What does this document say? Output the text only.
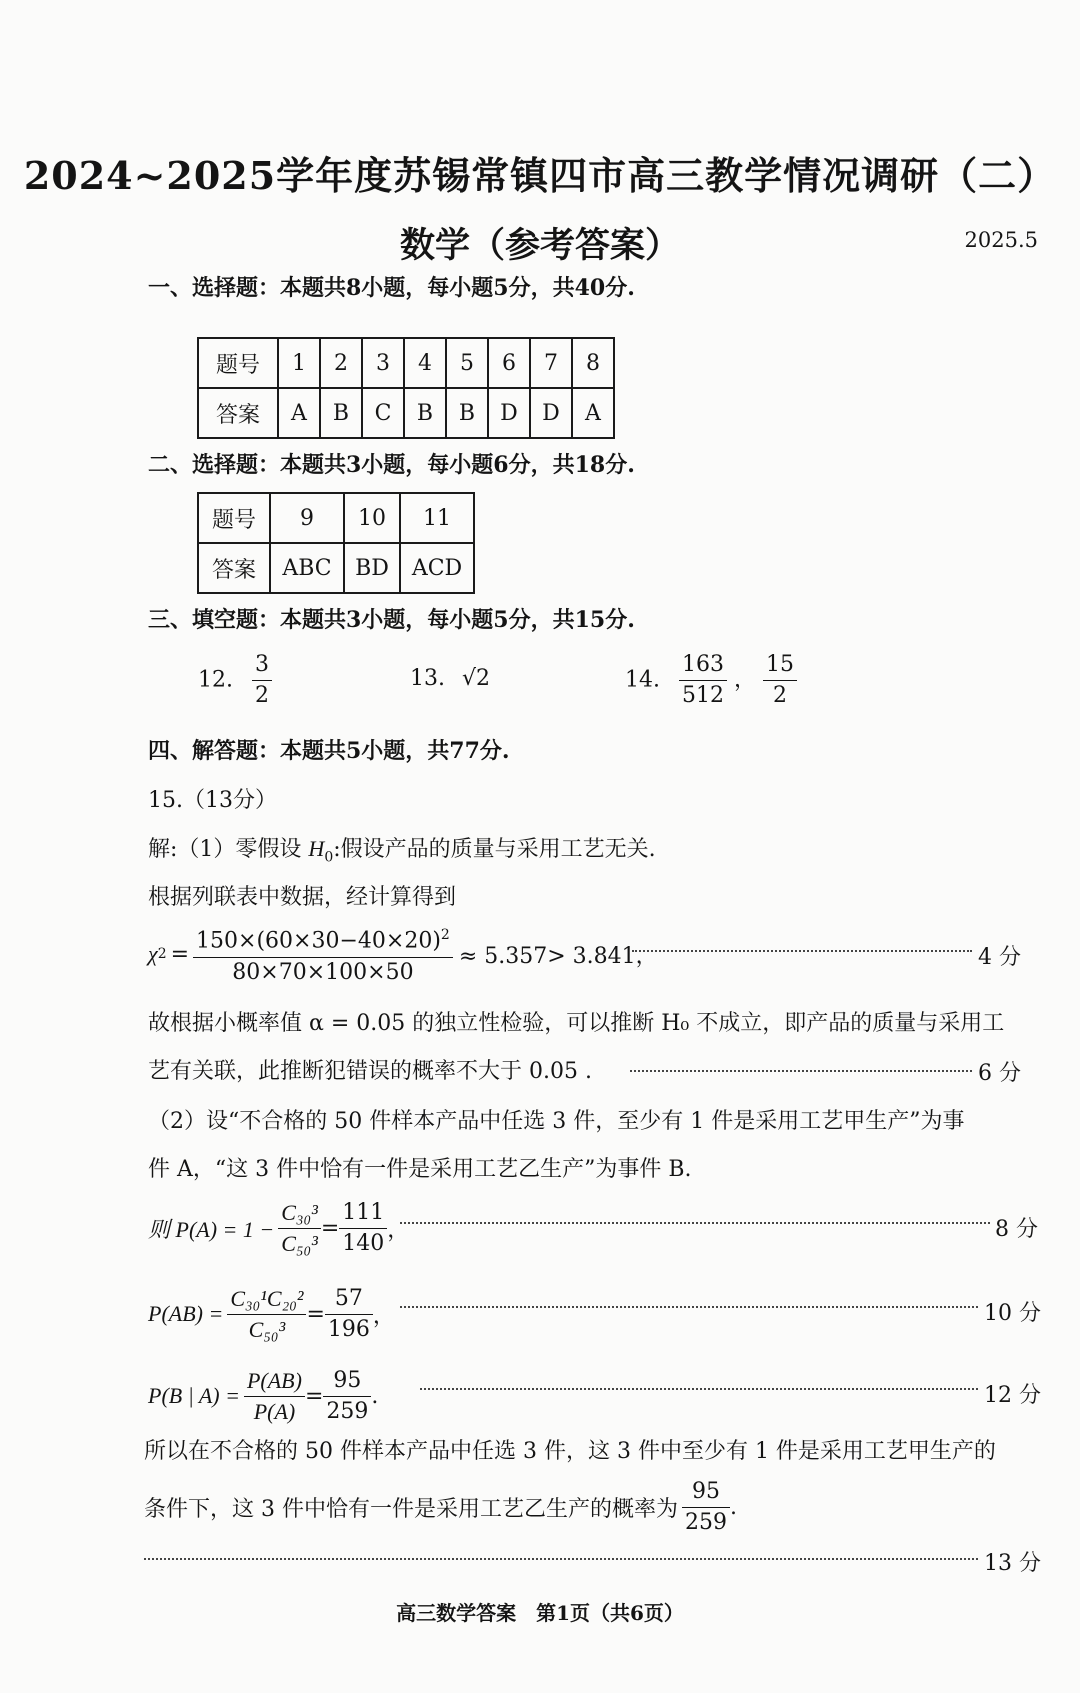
2024~2025学年度苏锡常镇四市高三教学情况调研（二）
数学（参考答案）	2025.5
一、选择题：本题共8小题，每小题5分，共40分.
题号	1	2	3	4	5	6	7	8
答案	A	B	C	B	B	D	D	A
二、选择题：本题共3小题，每小题6分，共18分.
题号	9	10	11
答案	ABC	BD	ACD
三、填空题：本题共3小题，每小题5分，共15分.
12. $\frac{3}{2}$	13. √2	14. $\frac{163}{512}$ ， $\frac{15}{2}$
四、解答题：本题共5小题，共77分.
15.（13分）
解:（1）零假设 $H_0$:假设产品的质量与采用工艺无关.
根据列联表中数据，经计算得到
χ $2 = \frac{150\times(60\times 30-40\times 20)^2}{80\times 70\times 100\times 50} \approx 5.357> 3.841$，	4 分
故根据小概率值 α = 0.05 的独立性检验，可以推断 H₀ 不成立，即产品的质量与采用工
艺有关联，此推断犯错误的概率不大于 0.05 .	6 分
（2）设“不合格的 50 件样本产品中任选 3 件，至少有 1 件是采用工艺甲生产”为事
件 A，“这 3 件中恰有一件是采用工艺乙生产”为事件 B.
则 $P(A) = 1 - \frac{\text{C₃₀³}}{\text{C₅₀³}} = \frac{111}{140}$ ，	8 分
$P(AB) = \frac{\text{C₃₀¹C₂₀²}}{\text{C₅₀³}} = \frac{57}{196}$ ，	10 分
P(B | $A) = \frac{P(AB)}{P(A)} = \frac{95}{259}$ .	12 分
所以在不合格的 50 件样本产品中任选 3 件，这 3 件中至少有 1 件是采用工艺甲生产的
条件下，这 3 件中恰有一件是采用工艺乙生产的概率为 $\frac{95}{259}$ .
13 分
高三数学答案　第1页（共6页）
